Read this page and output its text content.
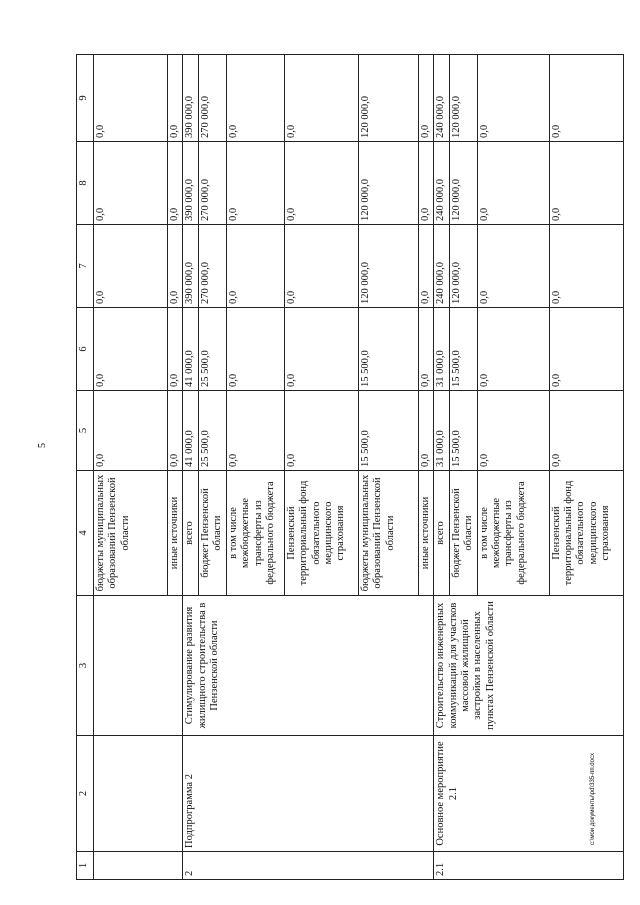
5
1	2	3	4	5	6	7	8	9
			бюджеты муниципальных образований Пензенской области	0,0	0,0	0,0	0,0	0,0
			иные источники	0,0	0,0	0,0	0,0	0,0
2	Подпрограмма 2	Стимулирование развития жилищного строительства в Пензенской области	всего	41 000,0	41 000,0	390 000,0	390 000,0	390 000,0
			бюджет Пензенской области	25 500,0	25 500,0	270 000,0	270 000,0	270 000,0
			в том числе межбюджетные трансферты из федерального бюджета	0,0	0,0	0,0	0,0	0,0
			Пензенский территориальный фонд обязательного медицинского страхования	0,0	0,0	0,0	0,0	0,0
			бюджеты муниципальных образований Пензенской области	15 500,0	15 500,0	120 000,0	120 000,0	120 000,0
			иные источники	0,0	0,0	0,0	0,0	0,0
2.1	Основное мероприятие 2.1	Строительство инженерных коммуникаций для участков массовой жилищной застройки в населенных пунктах Пензенской области	всего	31 000,0	31 000,0	240 000,0	240 000,0	240 000,0
			бюджет Пензенской области	15 500,0	15 500,0	120 000,0	120 000,0	120 000,0
			в том числе межбюджетные трансферты из федерального бюджета	0,0	0,0	0,0	0,0	0,0
			Пензенский территориальный фонд обязательного медицинского страхования	0,0	0,0	0,0	0,0	0,0
c:\мои документы\pd\335-пп.docx
